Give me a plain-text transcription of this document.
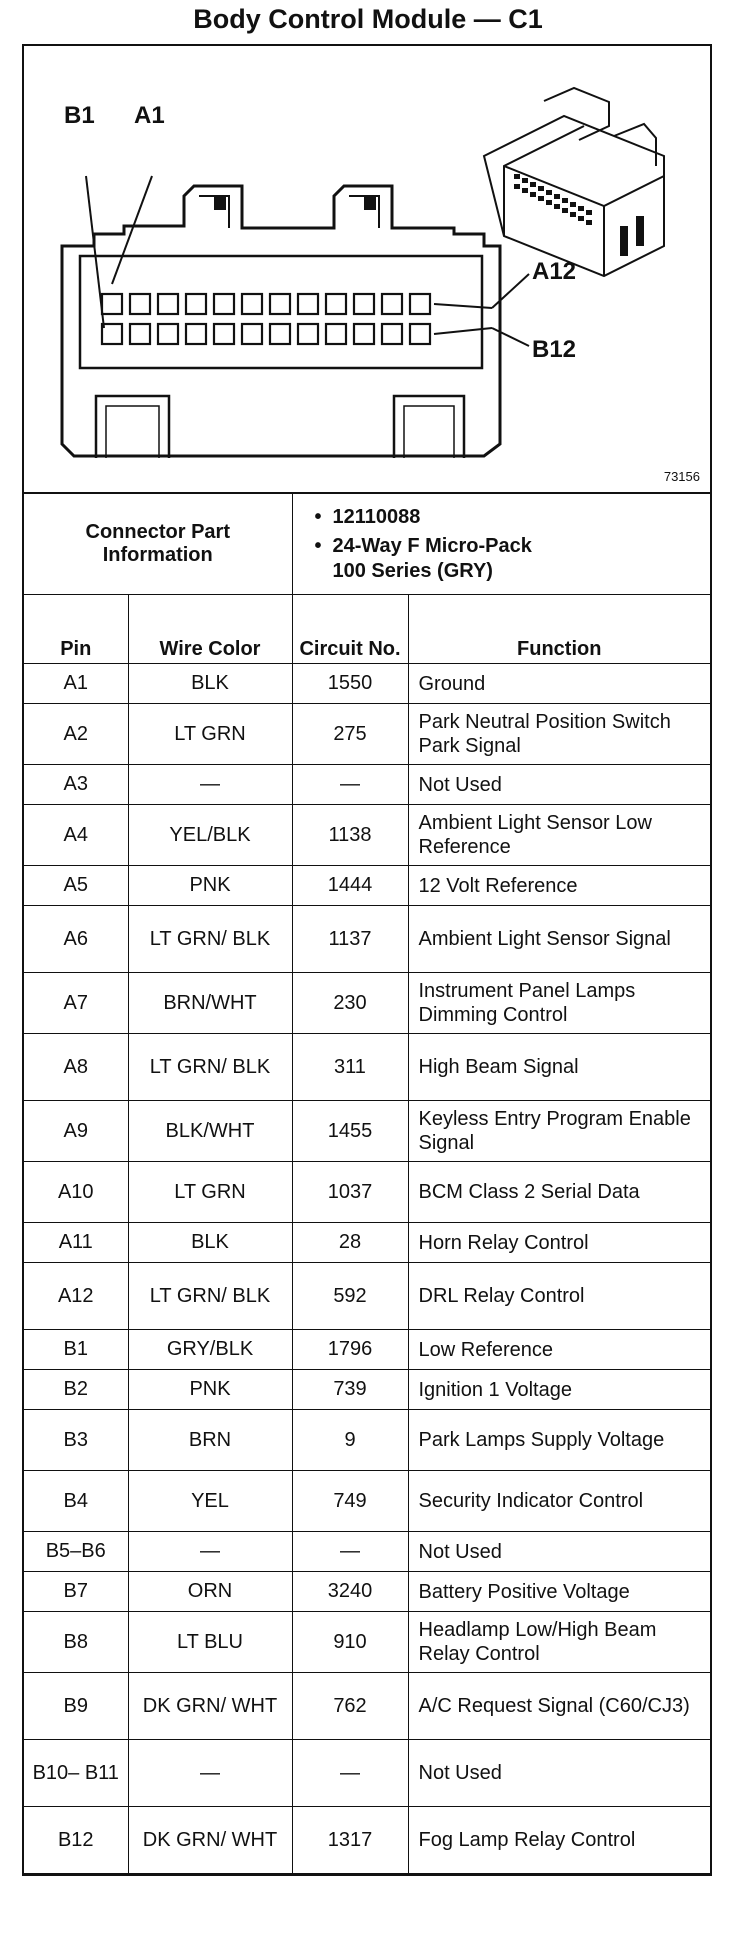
Body Control Module — C1
B1 A1
A12
B12
73156
Connector Part Information	
• 12110088
• 24-Way F Micro-Pack
100 Series (GRY)
Pin	Wire Color	Circuit No.	Function
A1	BLK	1550	Ground
A2	LT GRN	275	Park Neutral Position Switch Park Signal
A3	—	—	Not Used
A4	YEL/BLK	1138	Ambient Light Sensor Low Reference
A5	PNK	1444	12 Volt Reference
A6	LT GRN/ BLK	1137	Ambient Light Sensor Signal
A7	BRN/WHT	230	Instrument Panel Lamps Dimming Control
A8	LT GRN/ BLK	311	High Beam Signal
A9	BLK/WHT	1455	Keyless Entry Program Enable Signal
A10	LT GRN	1037	BCM Class 2 Serial Data
A11	BLK	28	Horn Relay Control
A12	LT GRN/ BLK	592	DRL Relay Control
B1	GRY/BLK	1796	Low Reference
B2	PNK	739	Ignition 1 Voltage
B3	BRN	9	Park Lamps Supply Voltage
B4	YEL	749	Security Indicator Control
B5–B6	—	—	Not Used
B7	ORN	3240	Battery Positive Voltage
B8	LT BLU	910	Headlamp Low/High Beam Relay Control
B9	DK GRN/ WHT	762	A/C Request Signal (C60/CJ3)
B10– B11	—	—	Not Used
B12	DK GRN/ WHT	1317	Fog Lamp Relay Control
